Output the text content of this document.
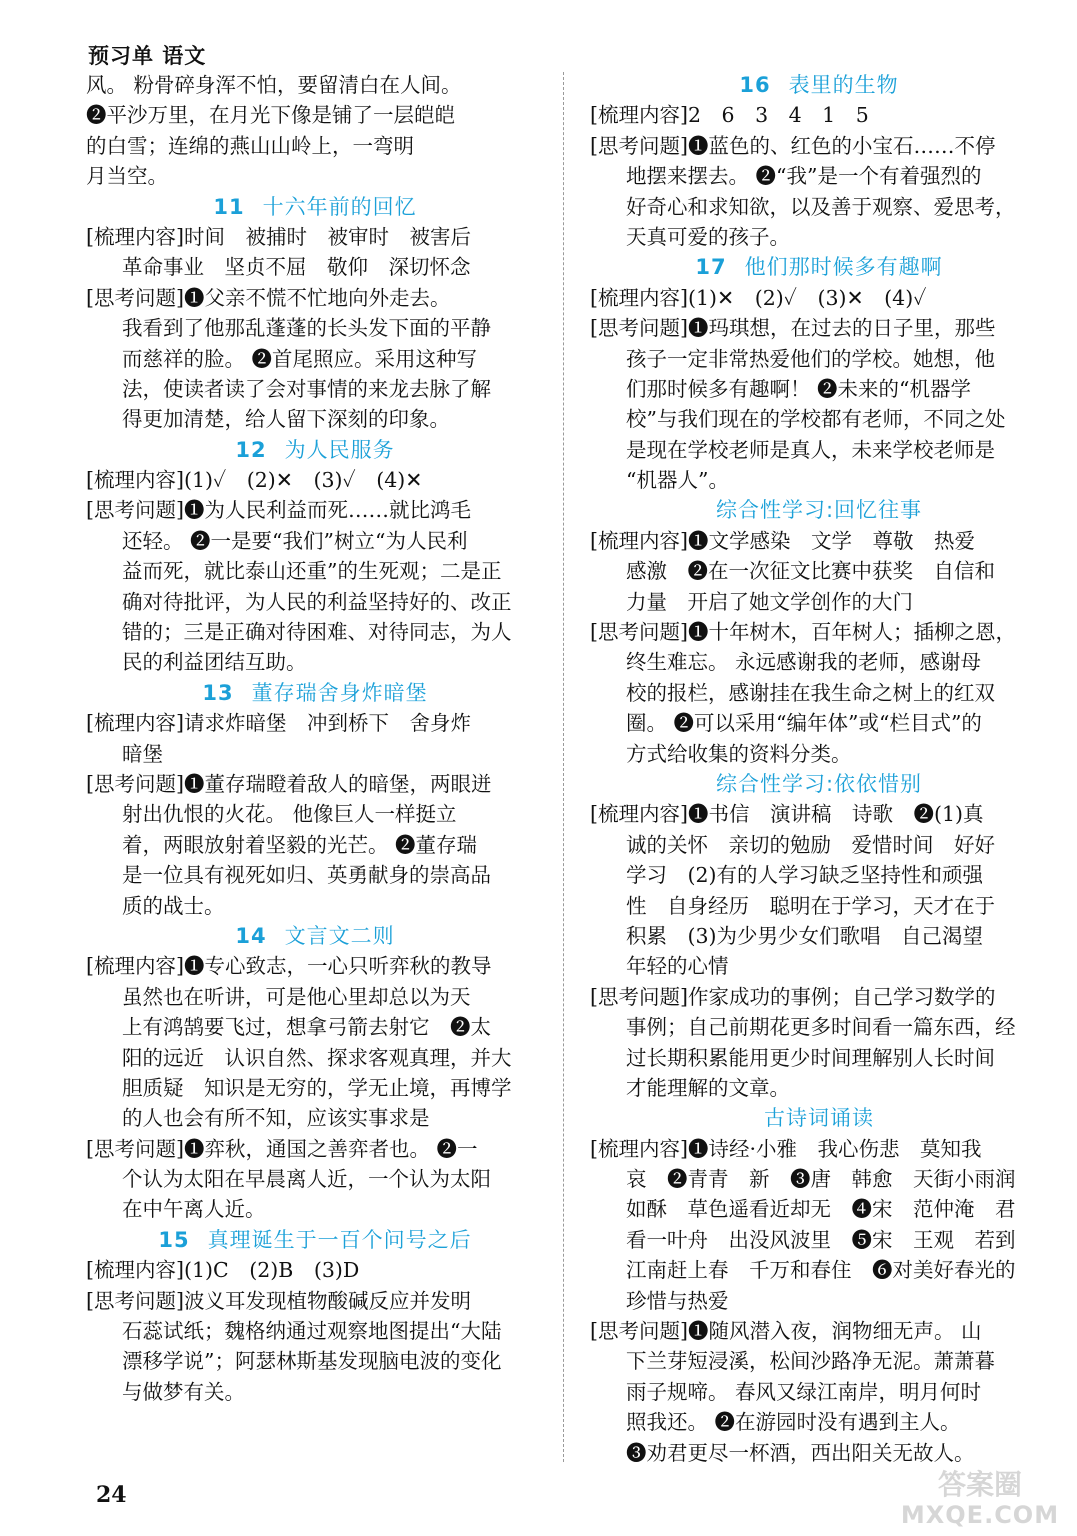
预习单 语文
风。 粉骨碎身浑不怕，要留清白在人间。
❷平沙万里，在月光下像是铺了一层皑皑
的白雪；连绵的燕山山岭上，一弯明
月当空。
11 十六年前的回忆
[梳理内容]时间　被捕时　被审时　被害后
革命事业　坚贞不屈　敬仰　深切怀念
[思考问题]❶父亲不慌不忙地向外走去。
我看到了他那乱蓬蓬的长头发下面的平静
而慈祥的脸。 ❷首尾照应。采用这种写
法，使读者读了会对事情的来龙去脉了解
得更加清楚，给人留下深刻的印象。
12 为人民服务
[梳理内容](1)✓　(2)✕　(3)✓　(4)✕
[思考问题]❶为人民利益而死……就比鸿毛
还轻。 ❷一是要“我们”树立“为人民利
益而死，就比泰山还重”的生死观；二是正
确对待批评，为人民的利益坚持好的、改正
错的；三是正确对待困难、对待同志，为人
民的利益团结互助。
13 董存瑞舍身炸暗堡
[梳理内容]请求炸暗堡　冲到桥下　舍身炸
暗堡
[思考问题]❶董存瑞瞪着敌人的暗堡，两眼迸
射出仇恨的火花。 他像巨人一样挺立
着，两眼放射着坚毅的光芒。 ❷董存瑞
是一位具有视死如归、英勇献身的崇高品
质的战士。
14 文言文二则
[梳理内容]❶专心致志，一心只听弈秋的教导
虽然也在听讲，可是他心里却总以为天
上有鸿鹄要飞过，想拿弓箭去射它　❷太
阳的远近　认识自然、探求客观真理，并大
胆质疑　知识是无穷的，学无止境，再博学
的人也会有所不知，应该实事求是
[思考问题]❶弈秋，通国之善弈者也。 ❷一
个认为太阳在早晨离人近，一个认为太阳
在中午离人近。
15 真理诞生于一百个问号之后
[梳理内容](1)C　(2)B　(3)D
[思考问题]波义耳发现植物酸碱反应并发明
石蕊试纸；魏格纳通过观察地图提出“大陆
漂移学说”；阿瑟林斯基发现脑电波的变化
与做梦有关。
16 表里的生物
[梳理内容]2　6　3　4　1　5
[思考问题]❶蓝色的、红色的小宝石……不停
地摆来摆去。 ❷“我”是一个有着强烈的
好奇心和求知欲，以及善于观察、爱思考，
天真可爱的孩子。
17 他们那时候多有趣啊
[梳理内容](1)✕　(2)✓　(3)✕　(4)✓
[思考问题]❶玛琪想，在过去的日子里，那些
孩子一定非常热爱他们的学校。她想，他
们那时候多有趣啊！ ❷未来的“机器学
校”与我们现在的学校都有老师，不同之处
是现在学校老师是真人，未来学校老师是
“机器人”。
综合性学习:回忆往事
[梳理内容]❶文学感染　文学　尊敬　热爱
感激　❷在一次征文比赛中获奖　自信和
力量　开启了她文学创作的大门
[思考问题]❶十年树木，百年树人；插柳之恩，
终生难忘。 永远感谢我的老师，感谢母
校的报栏，感谢挂在我生命之树上的红双
圈。 ❷可以采用“编年体”或“栏目式”的
方式给收集的资料分类。
综合性学习:依依惜别
[梳理内容]❶书信　演讲稿　诗歌　❷(1)真
诚的关怀　亲切的勉励　爱惜时间　好好
学习　(2)有的人学习缺乏坚持性和顽强
性　自身经历　聪明在于学习，天才在于
积累　(3)为少男少女们歌唱　自己渴望
年轻的心情
[思考问题]作家成功的事例；自己学习数学的
事例；自己前期花更多时间看一篇东西，经
过长期积累能用更少时间理解别人长时间
才能理解的文章。
古诗词诵读
[梳理内容]❶诗经·小雅　我心伤悲　莫知我
哀　❷青青　新　❸唐　韩愈　天街小雨润
如酥　草色遥看近却无　❹宋　范仲淹　君
看一叶舟　出没风波里　❺宋　王观　若到
江南赶上春　千万和春住　❻对美好春光的
珍惜与热爱
[思考问题]❶随风潜入夜，润物细无声。 山
下兰芽短浸溪，松间沙路净无泥。萧萧暮
雨子规啼。 春风又绿江南岸，明月何时
照我还。 ❷在游园时没有遇到主人。
❸劝君更尽一杯酒，西出阳关无故人。
24	答案圈
MXQE.COM
